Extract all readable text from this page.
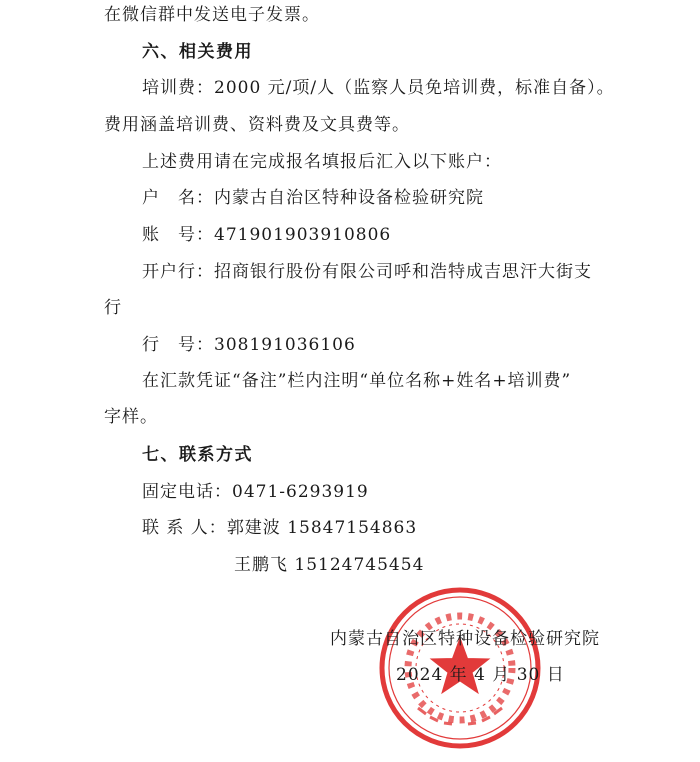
在微信群中发送电子发票。
六、相关费用
培训费：2000 元/项/人（监察人员免培训费，标准自备）。
费用涵盖培训费、资料费及文具费等。
上述费用请在完成报名填报后汇入以下账户：
户　名：内蒙古自治区特种设备检验研究院
账　号：471901903910806
开户行：招商银行股份有限公司呼和浩特成吉思汗大街支
行
行　号：308191036106
在汇款凭证“备注”栏内注明“单位名称+姓名+培训费”
字样。
七、联系方式
固定电话：0471-6293919
联 系 人：郭建波 15847154863
王鹏飞 15124745454
内蒙古自治区特种设备检验研究院
2024 年 4 月 30 日
